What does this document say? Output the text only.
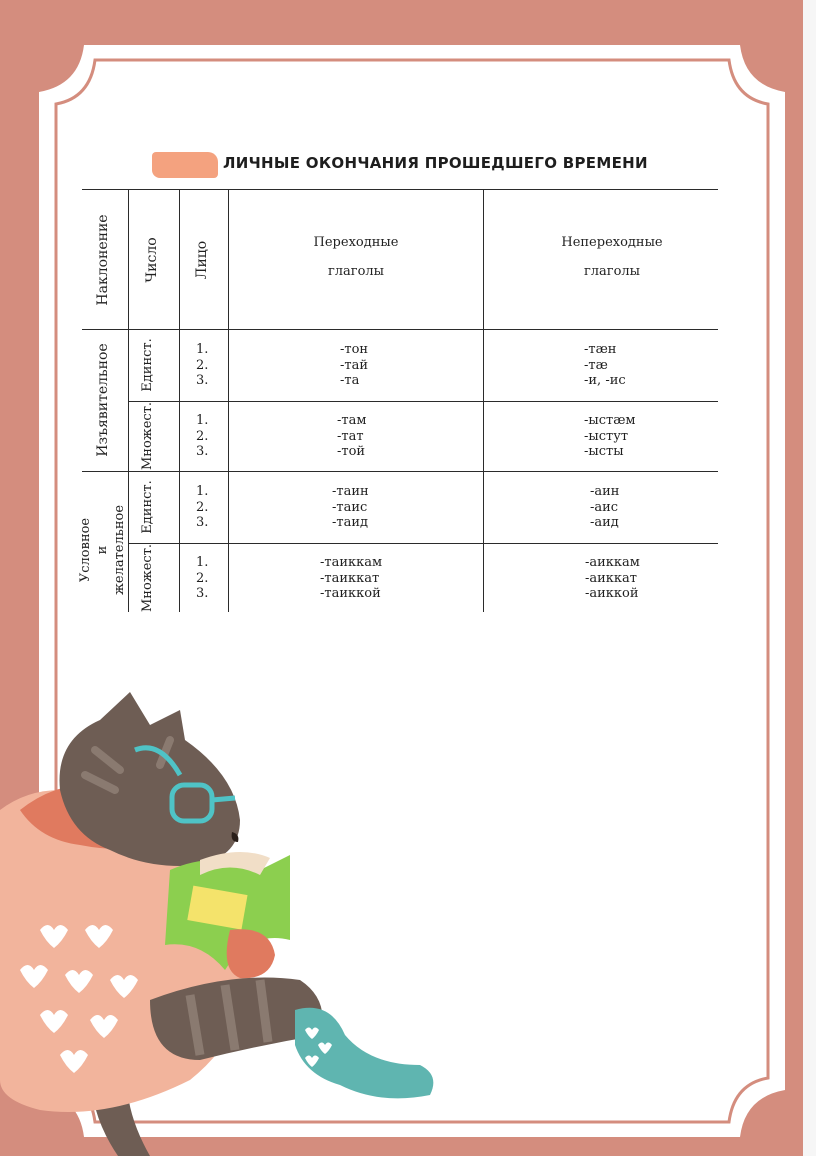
ЛИЧНЫЕ ОКОНЧАНИЯ ПРОШЕДШЕГО ВРЕМЕНИ
Наклонение Число Лицо	Переходные
глаголы
Непереходные
глаголы
Изъявительное
Условное и желательное
Единст.
Множест.
Единст.
Множест.
1.
2.
3.
1.
2.
3.
1.
2.
3.
1.
2.
3.
-тон
-тай
-та
-там
-тат
-той
-таин
-таис
-таид
-таиккам
-таиккат
-таиккой
-тæн
-тæ
-и, -ис
-ыстæм
-ыстут
-ысты
-аин
-аис
-аид
-аиккам
-аиккат
-аиккой
